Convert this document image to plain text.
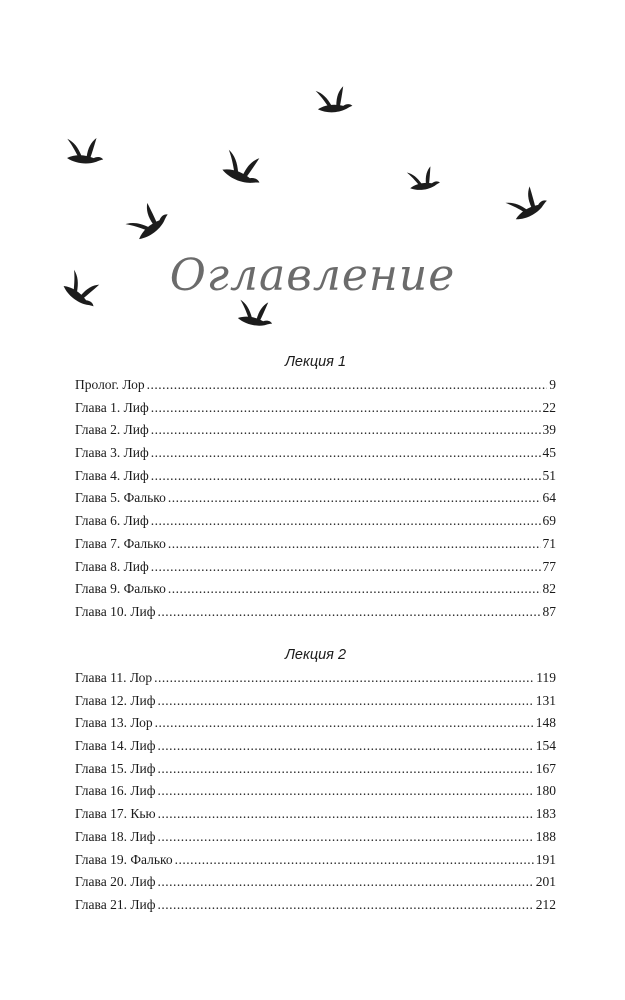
Оглавление
Лекция 1
Пролог. Лор .....	9
Глава 1. Лиф .....	22
Глава 2. Лиф .....	39
Глава 3. Лиф .....	45
Глава 4. Лиф .....	51
Глава 5. Фалько .....	64
Глава 6. Лиф .....	69
Глава 7. Фалько .....	71
Глава 8. Лиф .....	77
Глава 9. Фалько .....	82
Глава 10. Лиф .....	87
Лекция 2
Глава 11. Лор .....	119
Глава 12. Лиф .....	131
Глава 13. Лор .....	148
Глава 14. Лиф .....	154
Глава 15. Лиф .....	167
Глава 16. Лиф .....	180
Глава 17. Кью .....	183
Глава 18. Лиф .....	188
Глава 19. Фалько .....	191
Глава 20. Лиф .....	201
Глава 21. Лиф .....	212
